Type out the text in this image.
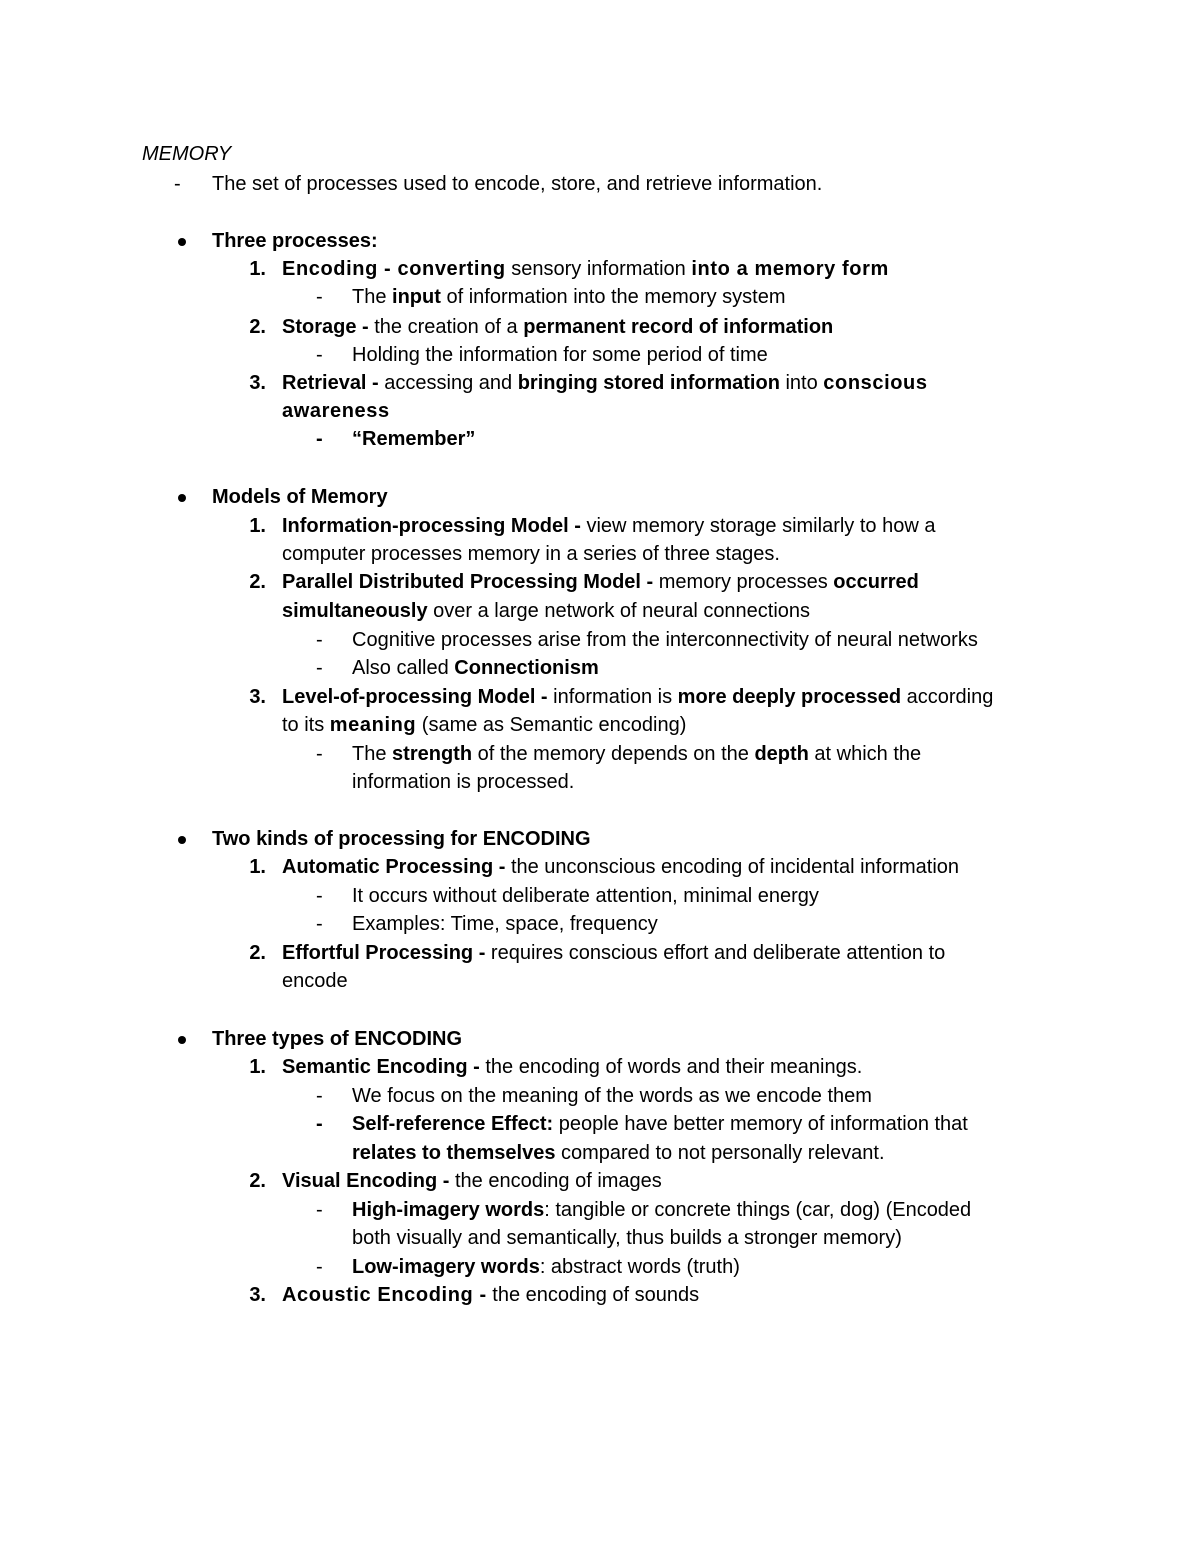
MEMORY
- The set of processes used to encode, store, and retrieve information.
Three processes:
1. Encoding - converting sensory information into a memory form
- The input of information into the memory system
2. Storage - the creation of a permanent record of information
- Holding the information for some period of time
3. Retrieval - accessing and bringing stored information into conscious
awareness
- “Remember”
Models of Memory
1. Information-processing Model - view memory storage similarly to how a
computer processes memory in a series of three stages.
2. Parallel Distributed Processing Model - memory processes occurred
simultaneously over a large network of neural connections
- Cognitive processes arise from the interconnectivity of neural networks
- Also called Connectionism
3. Level-of-processing Model - information is more deeply processed according
to its meaning (same as Semantic encoding)
- The strength of the memory depends on the depth at which the
information is processed.
Two kinds of processing for ENCODING
1. Automatic Processing - the unconscious encoding of incidental information
- It occurs without deliberate attention, minimal energy
- Examples: Time, space, frequency
2. Effortful Processing - requires conscious effort and deliberate attention to
encode
Three types of ENCODING
1. Semantic Encoding - the encoding of words and their meanings.
- We focus on the meaning of the words as we encode them
- Self-reference Effect: people have better memory of information that
relates to themselves compared to not personally relevant.
2. Visual Encoding - the encoding of images
- High-imagery words: tangible or concrete things (car, dog) (Encoded
both visually and semantically, thus builds a stronger memory)
- Low-imagery words: abstract words (truth)
3. Acoustic Encoding - the encoding of sounds
